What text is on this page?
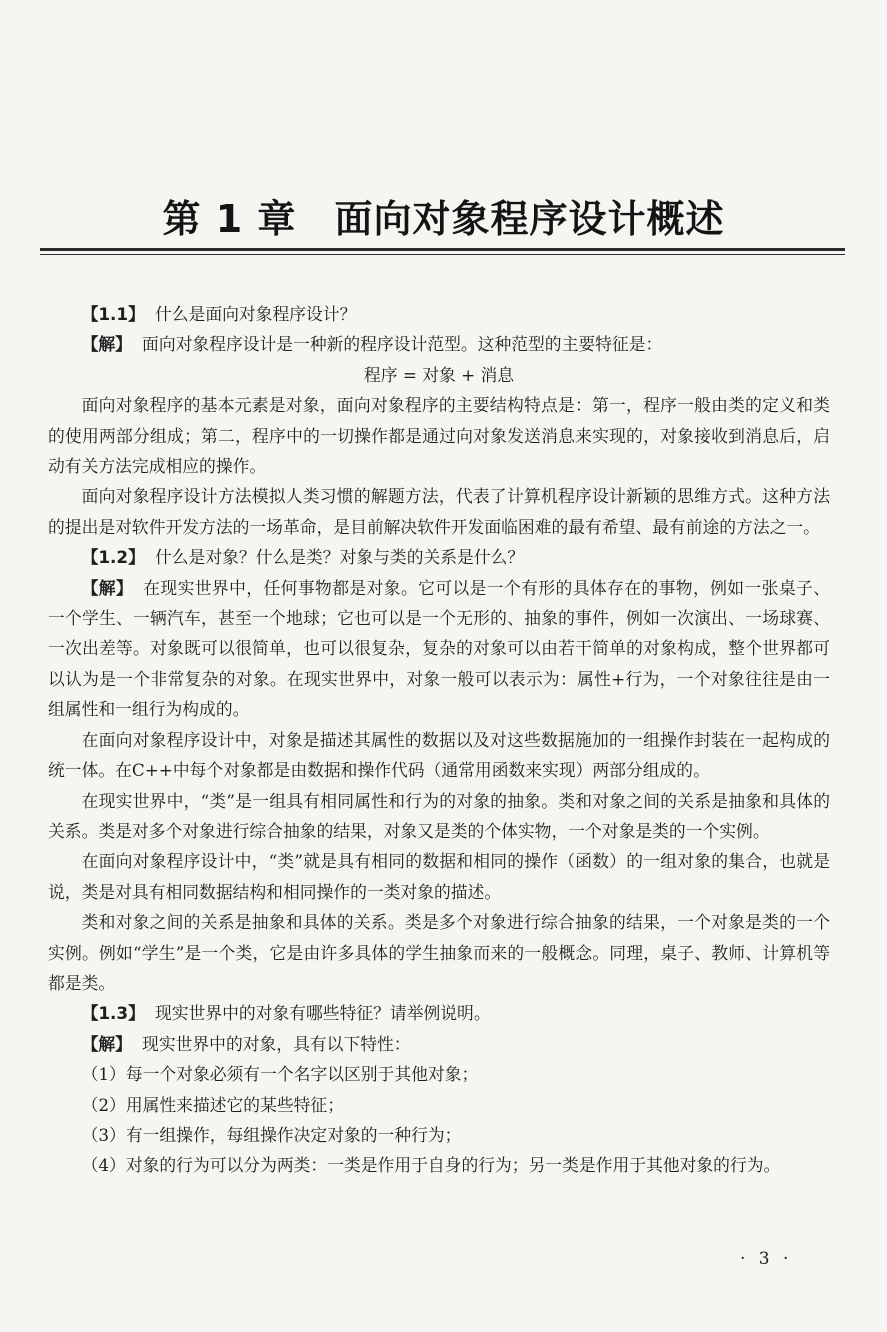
第 1 章 面向对象程序设计概述

【1.1】 什么是面向对象程序设计？

【解】 面向对象程序设计是一种新的程序设计范型。这种范型的主要特征是：

程序 = 对象 + 消息

面向对象程序的基本元素是对象，面向对象程序的主要结构特点是：第一，程序一般由类的定义和类的使用两部分组成；第二，程序中的一切操作都是通过向对象发送消息来实现的，对象接收到消息后，启动有关方法完成相应的操作。

面向对象程序设计方法模拟人类习惯的解题方法，代表了计算机程序设计新颖的思维方式。这种方法的提出是对软件开发方法的一场革命，是目前解决软件开发面临困难的最有希望、最有前途的方法之一。

【1.2】 什么是对象？什么是类？对象与类的关系是什么？

【解】 在现实世界中，任何事物都是对象。它可以是一个有形的具体存在的事物，例如一张桌子、一个学生、一辆汽车，甚至一个地球；它也可以是一个无形的、抽象的事件，例如一次演出、一场球赛、一次出差等。对象既可以很简单，也可以很复杂，复杂的对象可以由若干简单的对象构成，整个世界都可以认为是一个非常复杂的对象。在现实世界中，对象一般可以表示为：属性+行为，一个对象往往是由一组属性和一组行为构成的。

在面向对象程序设计中，对象是描述其属性的数据以及对这些数据施加的一组操作封装在一起构成的统一体。在C++中每个对象都是由数据和操作代码（通常用函数来实现）两部分组成的。

在现实世界中，“类”是一组具有相同属性和行为的对象的抽象。类和对象之间的关系是抽象和具体的关系。类是对多个对象进行综合抽象的结果，对象又是类的个体实物，一个对象是类的一个实例。

在面向对象程序设计中，“类”就是具有相同的数据和相同的操作（函数）的一组对象的集合，也就是说，类是对具有相同数据结构和相同操作的一类对象的描述。

类和对象之间的关系是抽象和具体的关系。类是多个对象进行综合抽象的结果，一个对象是类的一个实例。例如“学生”是一个类，它是由许多具体的学生抽象而来的一般概念。同理，桌子、教师、计算机等都是类。

【1.3】 现实世界中的对象有哪些特征？请举例说明。

【解】 现实世界中的对象，具有以下特性：

（1）每一个对象必须有一个名字以区别于其他对象；

（2）用属性来描述它的某些特征；

（3）有一组操作，每组操作决定对象的一种行为；

（4）对象的行为可以分为两类：一类是作用于自身的行为；另一类是作用于其他对象的行为。

· 3 ·
